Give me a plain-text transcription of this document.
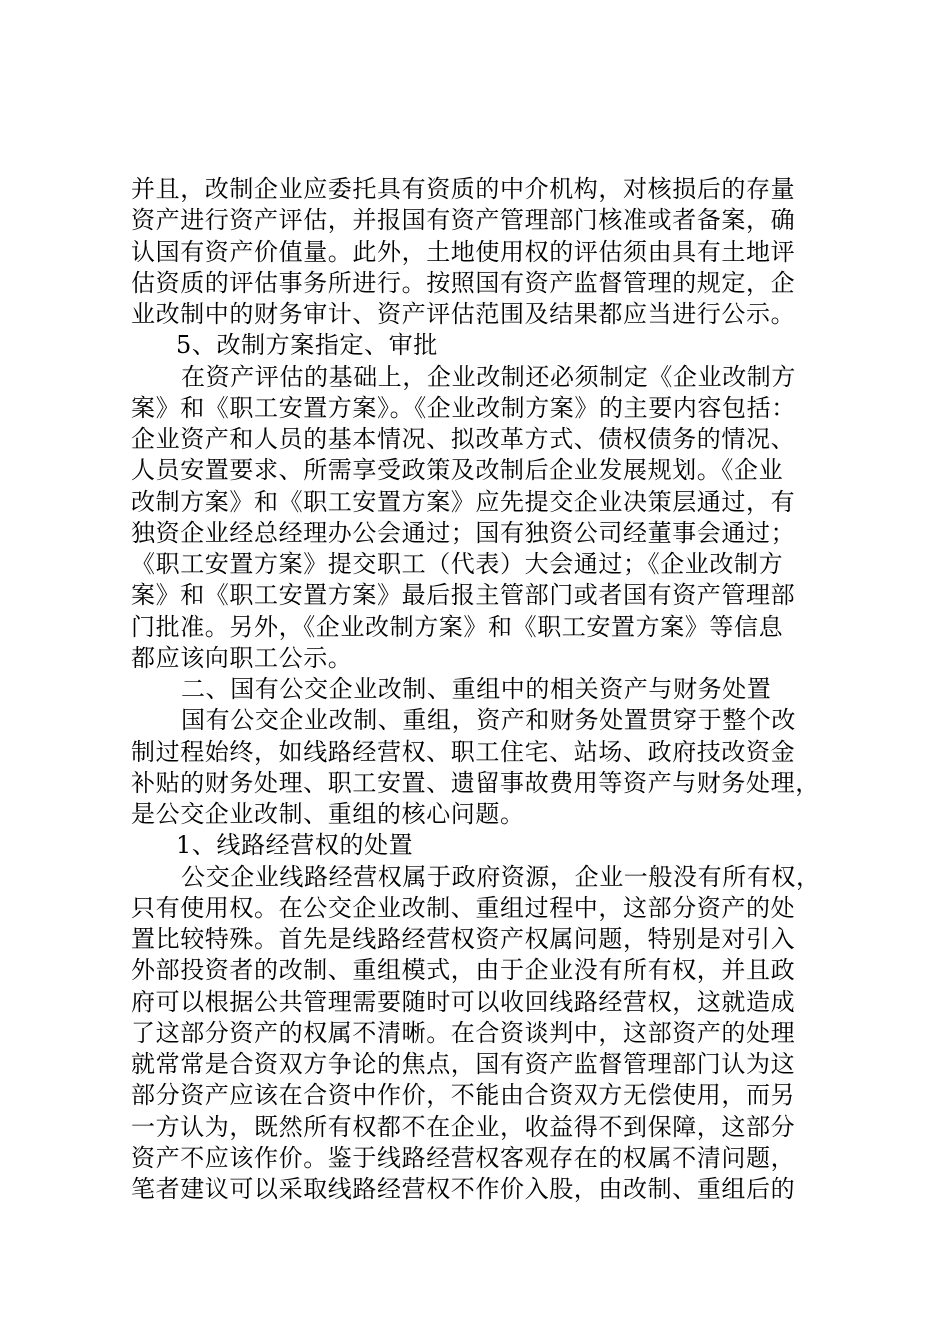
并且，改制企业应委托具有资质的中介机构，对核损后的存量
资产进行资产评估，并报国有资产管理部门核准或者备案，确
认国有资产价值量。此外，土地使用权的评估须由具有土地评
估资质的评估事务所进行。按照国有资产监督管理的规定，企
业改制中的财务审计、资产评估范围及结果都应当进行公示。
5、改制方案指定、审批
在资产评估的基础上，企业改制还必须制定《企业改制方
案》和《职工安置方案》。《企业改制方案》的主要内容包括：
企业资产和人员的基本情况、拟改革方式、债权债务的情况、
人员安置要求、所需享受政策及改制后企业发展规划。《企业
改制方案》和《职工安置方案》应先提交企业决策层通过，有
独资企业经总经理办公会通过；国有独资公司经董事会通过；
《职工安置方案》提交职工（代表）大会通过；《企业改制方
案》和《职工安置方案》最后报主管部门或者国有资产管理部
门批准。另外，《企业改制方案》和《职工安置方案》等信息
都应该向职工公示。
二、国有公交企业改制、重组中的相关资产与财务处置
国有公交企业改制、重组，资产和财务处置贯穿于整个改
制过程始终，如线路经营权、职工住宅、站场、政府技改资金
补贴的财务处理、职工安置、遗留事故费用等资产与财务处理，
是公交企业改制、重组的核心问题。
1、线路经营权的处置
公交企业线路经营权属于政府资源，企业一般没有所有权，
只有使用权。在公交企业改制、重组过程中，这部分资产的处
置比较特殊。首先是线路经营权资产权属问题，特别是对引入
外部投资者的改制、重组模式，由于企业没有所有权，并且政
府可以根据公共管理需要随时可以收回线路经营权，这就造成
了这部分资产的权属不清晰。在合资谈判中，这部资产的处理
就常常是合资双方争论的焦点，国有资产监督管理部门认为这
部分资产应该在合资中作价，不能由合资双方无偿使用，而另
一方认为，既然所有权都不在企业，收益得不到保障，这部分
资产不应该作价。鉴于线路经营权客观存在的权属不清问题，
笔者建议可以采取线路经营权不作价入股，由改制、重组后的
